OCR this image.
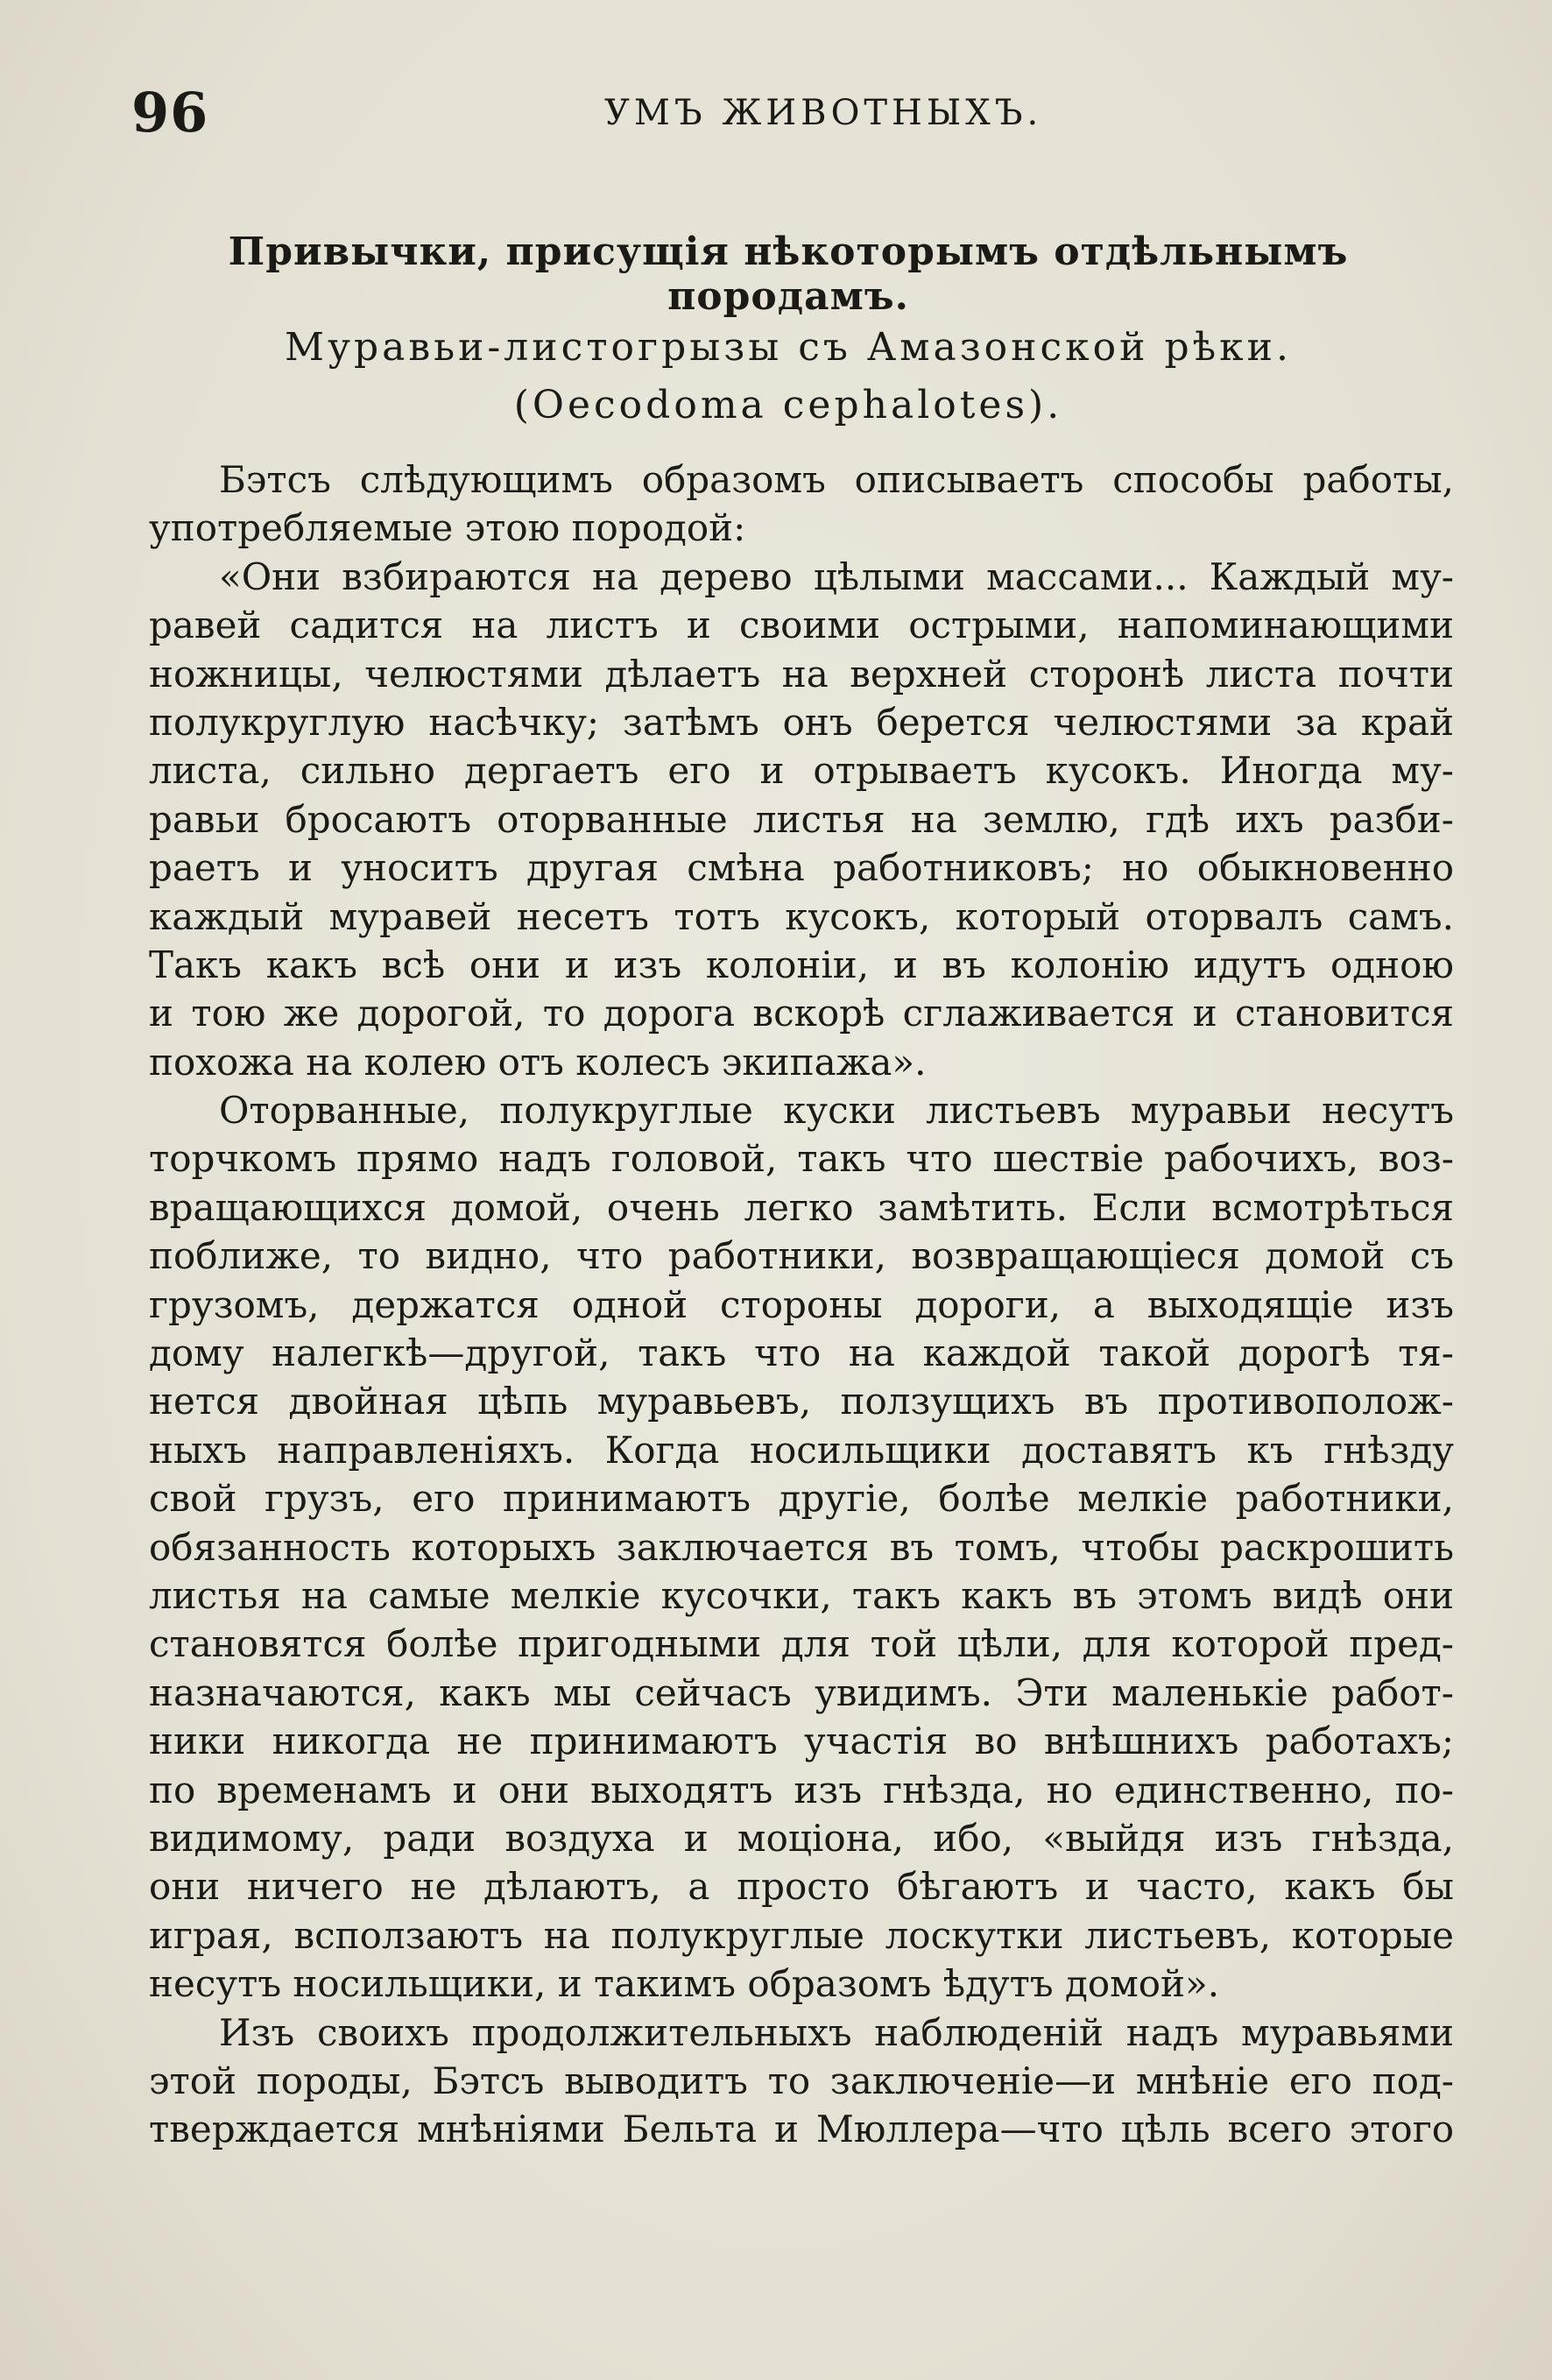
96	УМЪ ЖИВОТНЫХЪ.
Привычки, присущія нѣкоторымъ отдѣльнымъ породамъ.
Муравьи-листогрызы съ Амазонской рѣки.
(Oecodoma cephalotes).
Бэтсъ слѣдующимъ образомъ описываетъ способы работы,
употребляемые этою породой:
«Они взбираются на дерево цѣлыми массами... Каждый му-
равей садится на листъ и своими острыми, напоминающими
ножницы, челюстями дѣлаетъ на верхней сторонѣ листа почти
полукруглую насѣчку; затѣмъ онъ берется челюстями за край
листа, сильно дергаетъ его и отрываетъ кусокъ. Иногда му-
равьи бросаютъ оторванные листья на землю, гдѣ ихъ разби-
раетъ и уноситъ другая смѣна работниковъ; но обыкновенно
каждый муравей несетъ тотъ кусокъ, который оторвалъ самъ.
Такъ какъ всѣ они и изъ колоніи, и въ колонію идутъ одною
и тою же дорогой, то дорога вскорѣ сглаживается и становится
похожа на колею отъ колесъ экипажа».
Оторванные, полукруглые куски листьевъ муравьи несутъ
торчкомъ прямо надъ головой, такъ что шествіе рабочихъ, воз-
вращающихся домой, очень легко замѣтить. Если всмотрѣться
поближе, то видно, что работники, возвращающіеся домой съ
грузомъ, держатся одной стороны дороги, а выходящіе изъ
дому налегкѣ—другой, такъ что на каждой такой дорогѣ тя-
нется двойная цѣпь муравьевъ, ползущихъ въ противополож-
ныхъ направленіяхъ. Когда носильщики доставятъ къ гнѣзду
свой грузъ, его принимаютъ другіе, болѣе мелкіе работники,
обязанность которыхъ заключается въ томъ, чтобы раскрошить
листья на самые мелкіе кусочки, такъ какъ въ этомъ видѣ они
становятся болѣе пригодными для той цѣли, для которой пред-
назначаются, какъ мы сейчасъ увидимъ. Эти маленькіе работ-
ники никогда не принимаютъ участія во внѣшнихъ работахъ;
по временамъ и они выходятъ изъ гнѣзда, но единственно, по-
видимому, ради воздуха и моціона, ибо, «выйдя изъ гнѣзда,
они ничего не дѣлаютъ, а просто бѣгаютъ и часто, какъ бы
играя, всползаютъ на полукруглые лоскутки листьевъ, которые
несутъ носильщики, и такимъ образомъ ѣдутъ домой».
Изъ своихъ продолжительныхъ наблюденій надъ муравьями
этой породы, Бэтсъ выводитъ то заключеніе—и мнѣніе его под-
тверждается мнѣніями Бельта и Мюллера—что цѣль всего этого
